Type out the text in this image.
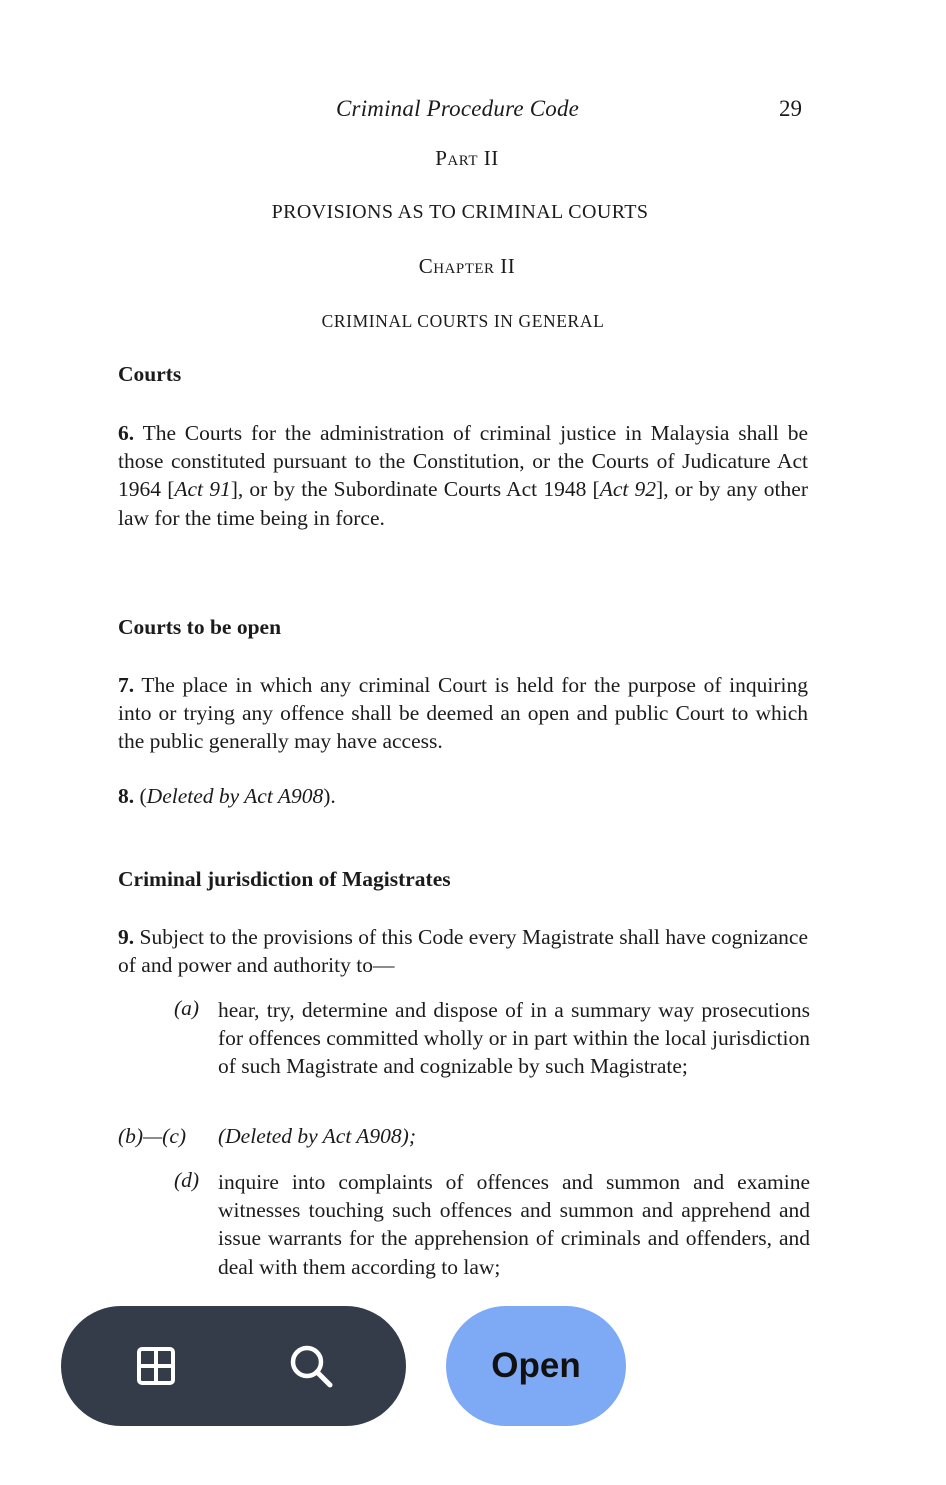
Criminal Procedure Code	29
Part II
PROVISIONS AS TO CRIMINAL COURTS
Chapter II
CRIMINAL COURTS IN GENERAL
Courts
6. The Courts for the administration of criminal justice in Malaysia shall be those constituted pursuant to the Constitution, or the Courts of Judicature Act 1964 [Act 91], or by the Subordinate Courts Act 1948 [Act 92], or by any other law for the time being in force.
Courts to be open
7. The place in which any criminal Court is held for the purpose of inquiring into or trying any offence shall be deemed an open and public Court to which the public generally may have access.
8. (Deleted by Act A908).
Criminal jurisdiction of Magistrates
9. Subject to the provisions of this Code every Magistrate shall have cognizance of and power and authority to—
(a) hear, try, determine and dispose of in a summary way prosecutions for offences committed wholly or in part within the local jurisdiction of such Magistrate and cognizable by such Magistrate;
(b)—(c) (Deleted by Act A908);
(d) inquire into complaints of offences and summon and examine witnesses touching such offences and summon and apprehend and issue warrants for the apprehension of criminals and offenders, and deal with them according to law;
Open
